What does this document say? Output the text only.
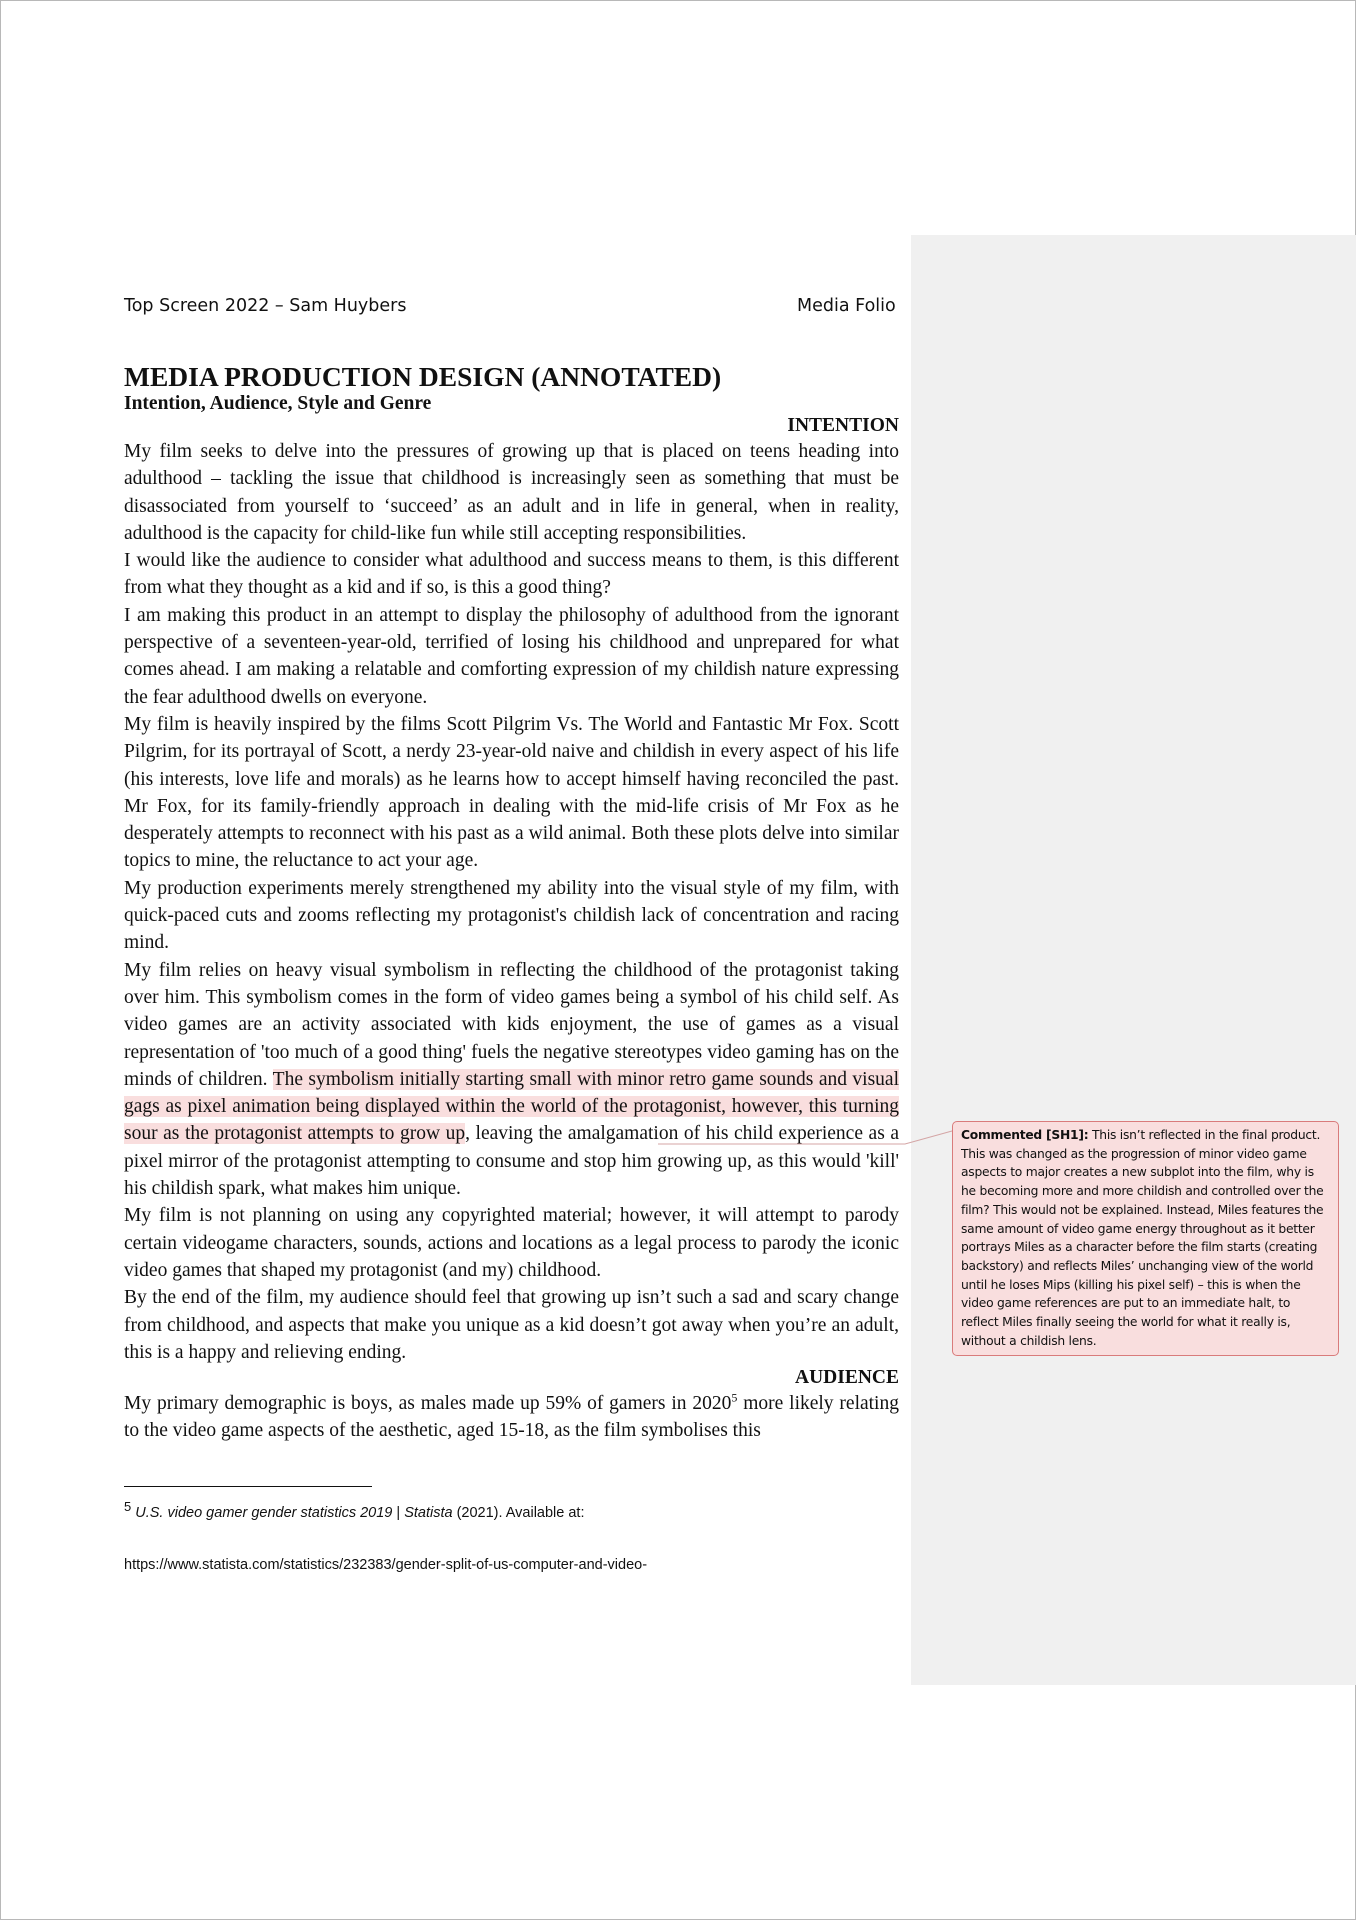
Top Screen 2022 – Sam Huybers	Media Folio
MEDIA PRODUCTION DESIGN (ANNOTATED)
Intention, Audience, Style and Genre
INTENTION

My film seeks to delve into the pressures of growing up that is placed on teens heading into adulthood – tackling the issue that childhood is increasingly seen as something that must be disassociated from yourself to ‘succeed’ as an adult and in life in general, when in reality, adulthood is the capacity for child-like fun while still accepting responsibilities.

I would like the audience to consider what adulthood and success means to them, is this different from what they thought as a kid and if so, is this a good thing?

I am making this product in an attempt to display the philosophy of adulthood from the ignorant perspective of a seventeen-year-old, terrified of losing his childhood and unprepared for what comes ahead. I am making a relatable and comforting expression of my childish nature expressing the fear adulthood dwells on everyone.

My film is heavily inspired by the films Scott Pilgrim Vs. The World and Fantastic Mr Fox. Scott Pilgrim, for its portrayal of Scott, a nerdy 23-year-old naive and childish in every aspect of his life (his interests, love life and morals) as he learns how to accept himself having reconciled the past. Mr Fox, for its family-friendly approach in dealing with the mid-life crisis of Mr Fox as he desperately attempts to reconnect with his past as a wild animal. Both these plots delve into similar topics to mine, the reluctance to act your age.

My production experiments merely strengthened my ability into the visual style of my film, with quick-paced cuts and zooms reflecting my protagonist's childish lack of concentration and racing mind.

My film relies on heavy visual symbolism in reflecting the childhood of the protagonist taking over him. This symbolism comes in the form of video games being a symbol of his child self. As video games are an activity associated with kids enjoyment, the use of games as a visual representation of 'too much of a good thing' fuels the negative stereotypes video gaming has on the minds of children. The symbolism initially starting small with minor retro game sounds and visual gags as pixel animation being displayed within the world of the protagonist, however, this turning sour as the protagonist attempts to grow up, leaving the amalgamation of his child experience as a pixel mirror of the protagonist attempting to consume and stop him growing up, as this would 'kill' his childish spark, what makes him unique.

My film is not planning on using any copyrighted material; however, it will attempt to parody certain videogame characters, sounds, actions and locations as a legal process to parody the iconic video games that shaped my protagonist (and my) childhood.

By the end of the film, my audience should feel that growing up isn’t such a sad and scary change from childhood, and aspects that make you unique as a kid doesn’t got away when you’re an adult, this is a happy and relieving ending.

AUDIENCE

My primary demographic is boys, as males made up 59% of gamers in 2020$^5$ more likely relating to the video game aspects of the aesthetic, aged 15-18, as the film symbolises this

$^5$ U.S. video gamer gender statistics 2019 | Statista (2021). Available at:
https://www.statista.com/statistics/232383/gender-split-of-us-computer-and-video-
Commented [SH1]: This isn’t reflected in the final product. This was changed as the progression of minor video game aspects to major creates a new subplot into the film, why is he becoming more and more childish and controlled over the film? This would not be explained. Instead, Miles features the same amount of video game energy throughout as it better portrays Miles as a character before the film starts (creating backstory) and reflects Miles’ unchanging view of the world until he loses Mips (killing his pixel self) – this is when the video game references are put to an immediate halt, to reflect Miles finally seeing the world for what it really is, without a childish lens.
